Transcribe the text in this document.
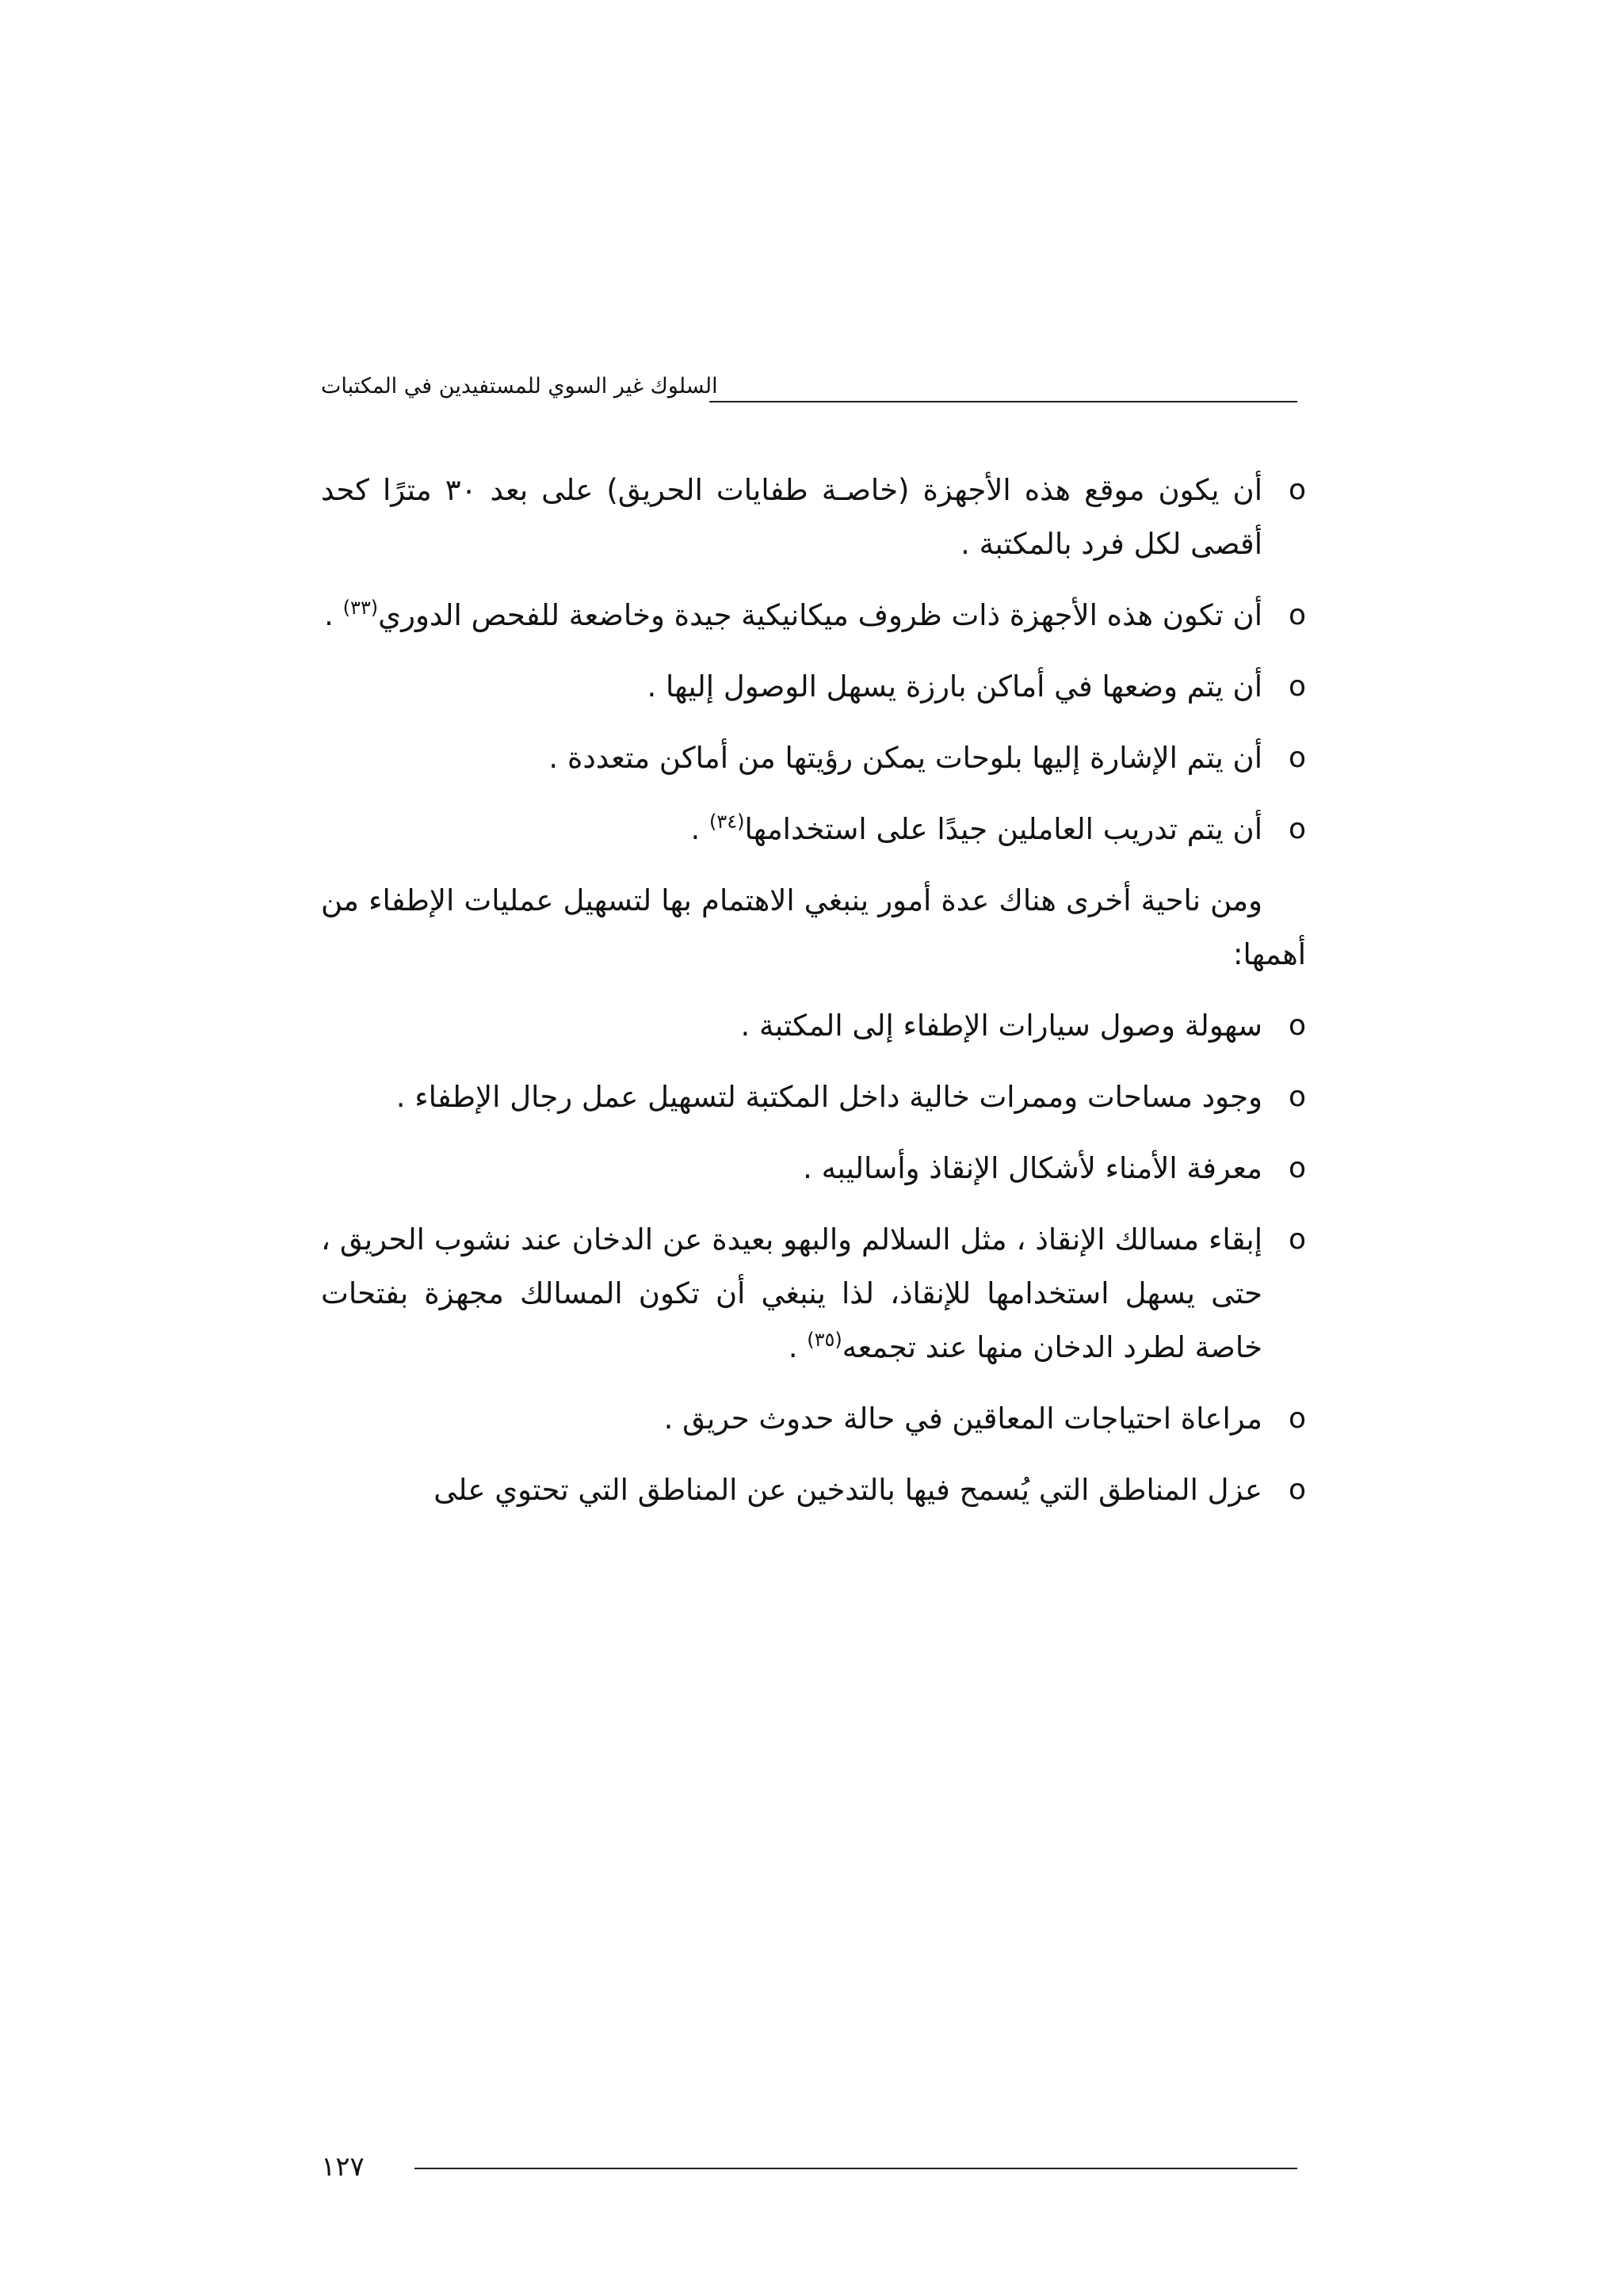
السلوك غير السوي للمستفيدين في المكتبات
o
أن يكون موقع هذه الأجهزة (خاصـة طفايات الحريق) على بعد ٣٠ مترًا كحد أقصى لكل فرد بالمكتبة .
o
أن تكون هذه الأجهزة ذات ظروف ميكانيكية جيدة وخاضعة للفحص الدوري$^{(٣٣)}$ .
o
أن يتم وضعها في أماكن بارزة يسهل الوصول إليها .
o
أن يتم الإشارة إليها بلوحات يمكن رؤيتها من أماكن متعددة .
o
أن يتم تدريب العاملين جيدًا على استخدامها$^{(٣٤)}$ .
ومن ناحية أخرى هناك عدة أمور ينبغي الاهتمام بها لتسهيل عمليات الإطفاء من أهمها:
o
سهولة وصول سيارات الإطفاء إلى المكتبة .
o
وجود مساحات وممرات خالية داخل المكتبة لتسهيل عمل رجال الإطفاء .
o
معرفة الأمناء لأشكال الإنقاذ وأساليبه .
o
إبقاء مسالك الإنقاذ ، مثل السلالم والبهو بعيدة عن الدخان عند نشوب الحريق ، حتى يسهل استخدامها للإنقاذ، لذا ينبغي أن تكون المسالك مجهزة بفتحات خاصة لطرد الدخان منها عند تجمعه$^{(٣٥)}$ .
o
مراعاة احتياجات المعاقين في حالة حدوث حريق .
o
عزل المناطق التي يُسمح فيها بالتدخين عن المناطق التي تحتوي على
١٢٧
